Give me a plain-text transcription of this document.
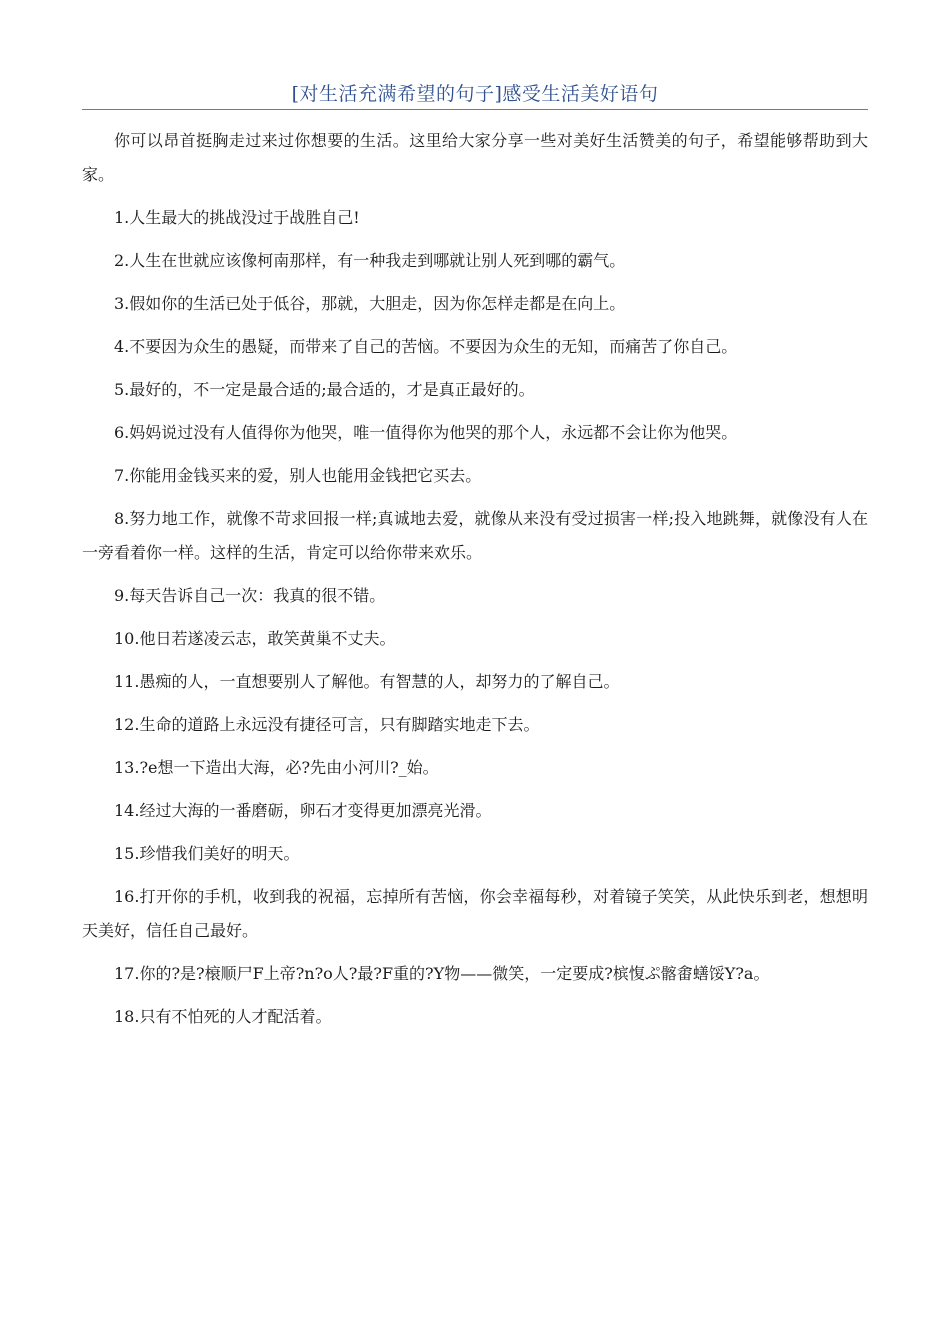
[对生活充满希望的句子]感受生活美好语句

你可以昂首挺胸走过来过你想要的生活。这里给大家分享一些对美好生活赞美的句子，希望能够帮助到大家。

1.人生最大的挑战没过于战胜自己!

2.人生在世就应该像柯南那样，有一种我走到哪就让别人死到哪的霸气。

3.假如你的生活已处于低谷，那就，大胆走，因为你怎样走都是在向上。

4.不要因为众生的愚疑，而带来了自己的苦恼。不要因为众生的无知，而痛苦了你自己。

5.最好的，不一定是最合适的;最合适的，才是真正最好的。

6.妈妈说过没有人值得你为他哭，唯一值得你为他哭的那个人，永远都不会让你为他哭。

7.你能用金钱买来的爱，别人也能用金钱把它买去。

8.努力地工作，就像不苛求回报一样;真诚地去爱，就像从来没有受过损害一样;投入地跳舞，就像没有人在一旁看着你一样。这样的生活，肯定可以给你带来欢乐。

9.每天告诉自己一次：我真的很不错。

10.他日若遂凌云志，敢笑黄巢不丈夫。

11.愚痴的人，一直想要别人了解他。有智慧的人，却努力的了解自己。

12.生命的道路上永远没有捷径可言，只有脚踏实地走下去。

13.?e想一下造出大海，必?先由小河川?_始。

14.经过大海的一番磨砺，卵石才变得更加漂亮光滑。

15.珍惜我们美好的明天。

16.打开你的手机，收到我的祝福，忘掉所有苦恼，你会幸福每秒，对着镜子笑笑，从此快乐到老，想想明天美好，信任自己最好。

17.你的?是?榱顺尸F上帝?n?o人?最?F重的?Y物——微笑，一定要成?槟愎ぷ髂畬蟮馁Y?a。

18.只有不怕死的人才配活着。
